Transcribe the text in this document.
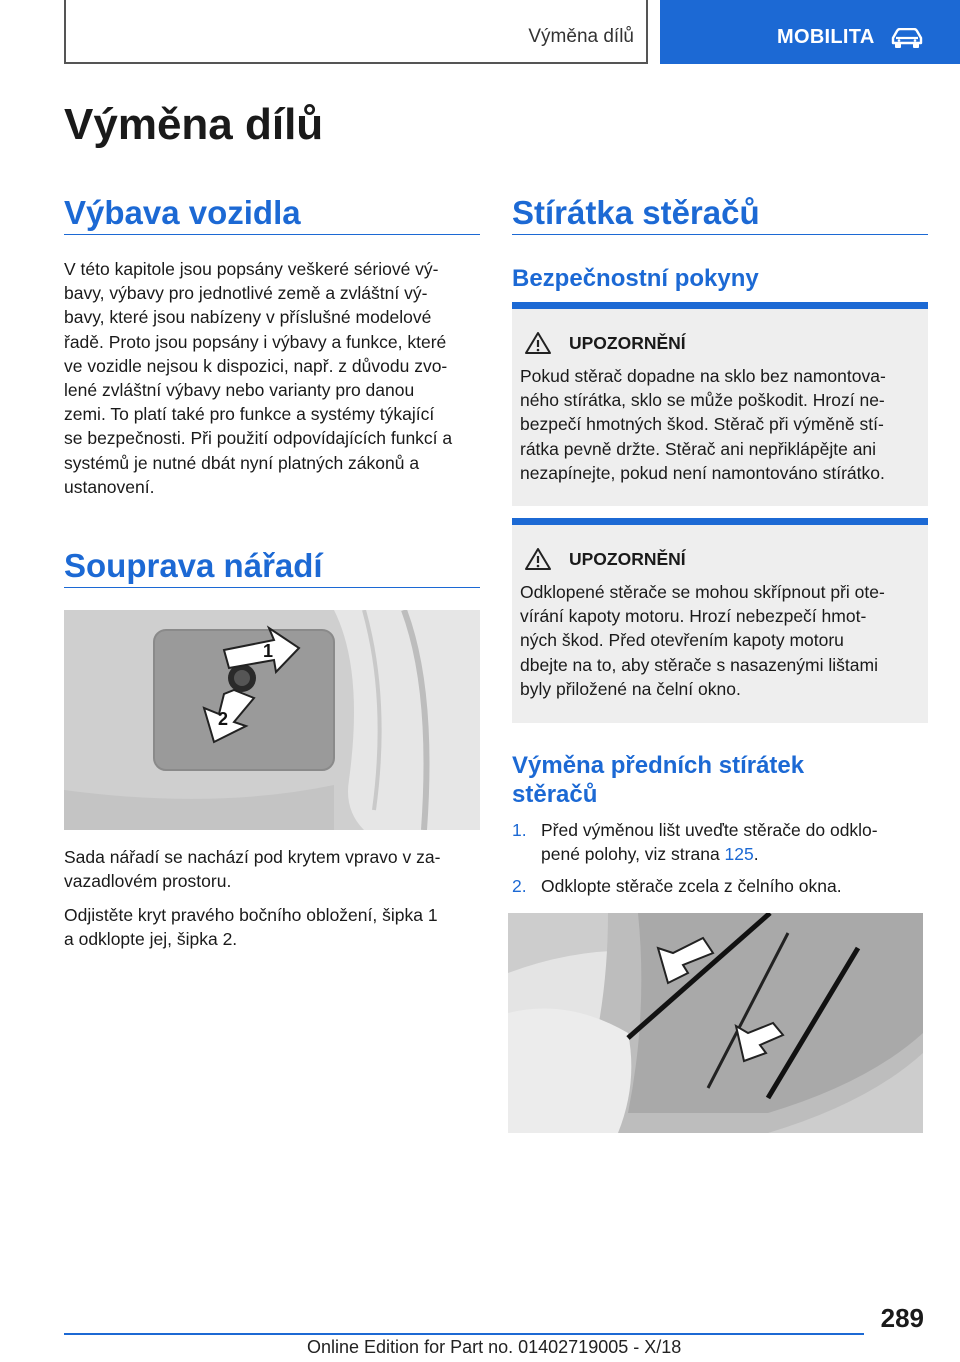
Výměna dílů	MOBILITA
Výměna dílů
Výbava vozidla

V této kapitole jsou popsány veškeré sériové vý‐
bavy, výbavy pro jednotlivé země a zvláštní vý‐
bavy, které jsou nabízeny v příslušné modelové
řadě. Proto jsou popsány i výbavy a funkce, které
ve vozidle nejsou k dispozici, např. z důvodu zvo‐
lené zvláštní výbavy nebo varianty pro danou
zemi. To platí také pro funkce a systémy týkající
se bezpečnosti. Při použití odpovídajících funkcí a
systémů je nutné dbát nyní platných zákonů a
ustanovení.

Souprava nářadí
1
2

Sada nářadí se nachází pod krytem vpravo v za‐
vazadlovém prostoru.

Odjistěte kryt pravého bočního obložení, šipka 1
a odklopte jej, šipka 2.

Stírátka stěračů
Bezpečnostní pokyny
UPOZORNĚNÍ

Pokud stěrač dopadne na sklo bez namontova‐
ného stírátka, sklo se může poškodit. Hrozí ne‐
bezpečí hmotných škod. Stěrač při výměně stí‐
rátka pevně držte. Stěrač ani nepřiklápějte ani
nezapínejte, pokud není namontováno stírátko.

UPOZORNĚNÍ

Odklopené stěrače se mohou skřípnout při ote‐
vírání kapoty motoru. Hrozí nebezpečí hmot‐
ných škod. Před otevřením kapoty motoru
dbejte na to, aby stěrače s nasazenými lištami
byly přiložené na čelní okno.

Výměna předních stírátek
stěračů
1. Před výměnou lišt uveďte stěrače do odklo‐
pené polohy, viz strana 125.
2. Odklopte stěrače zcela z čelního okna.
289
Online Edition for Part no. 01402719005 - X/18
